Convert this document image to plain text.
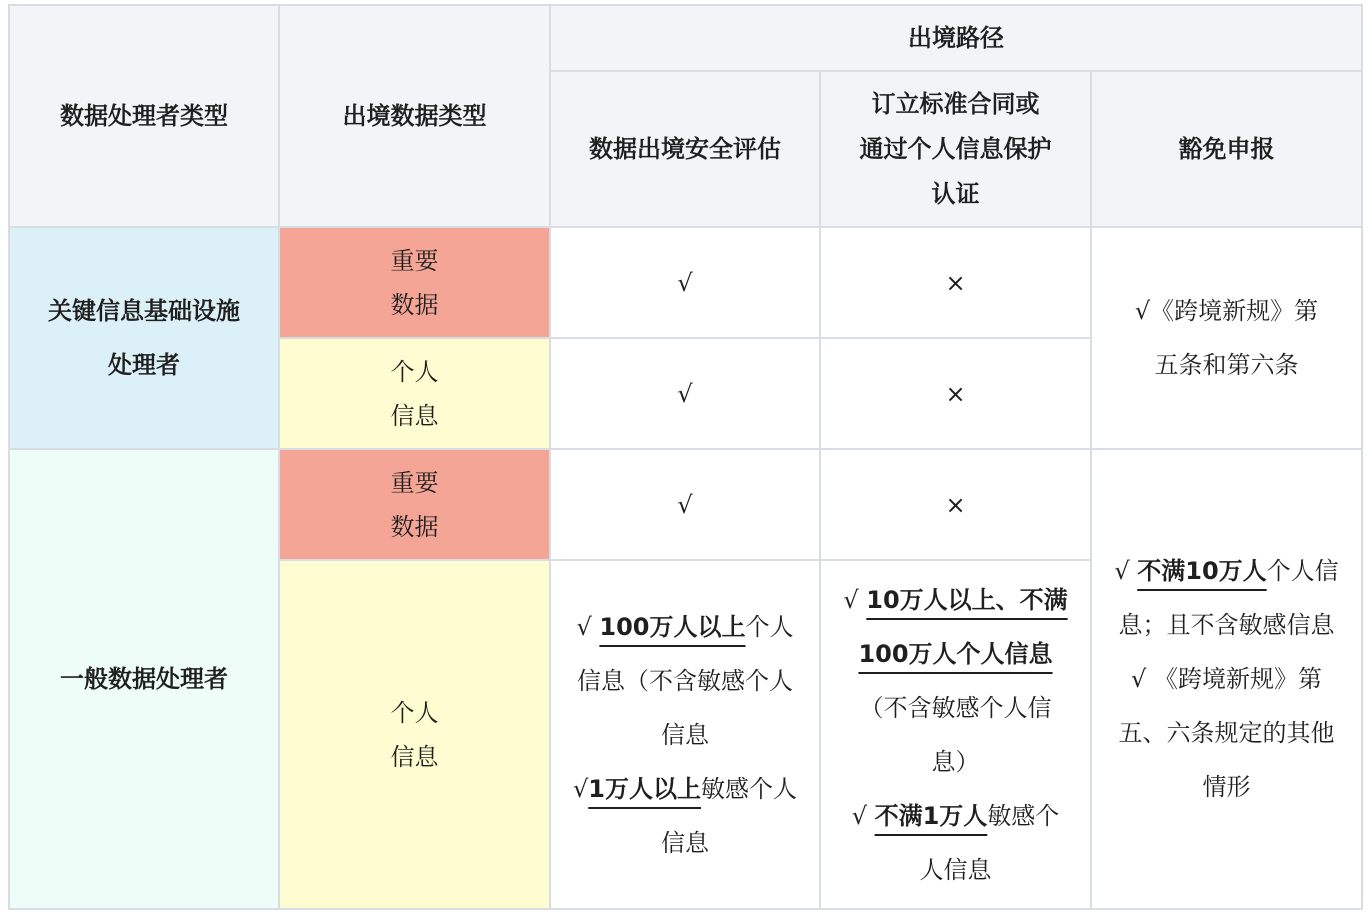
数据处理者类型	出境数据类型	出境路径		
		数据出境安全评估	订立标准合同或
通过个人信息保护
认证	豁免申报
关键信息基础设施
处理者	重要
数据	√	×	√《跨境新规》第
五条和第六条
	个人
信息	√	×	
一般数据处理者	重要
数据	√	×	√ 不满10万人个人信息；且不含敏感信息
√ 《跨境新规》第五、六条规定的其他情形
	个人
信息	√ 100万人以上个人信息（不含敏感个人信息
√1万人以上敏感个人信息	√ 10万人以上、不满100万人个人信息（不含敏感个人信息）
√ 不满1万人敏感个人信息	
